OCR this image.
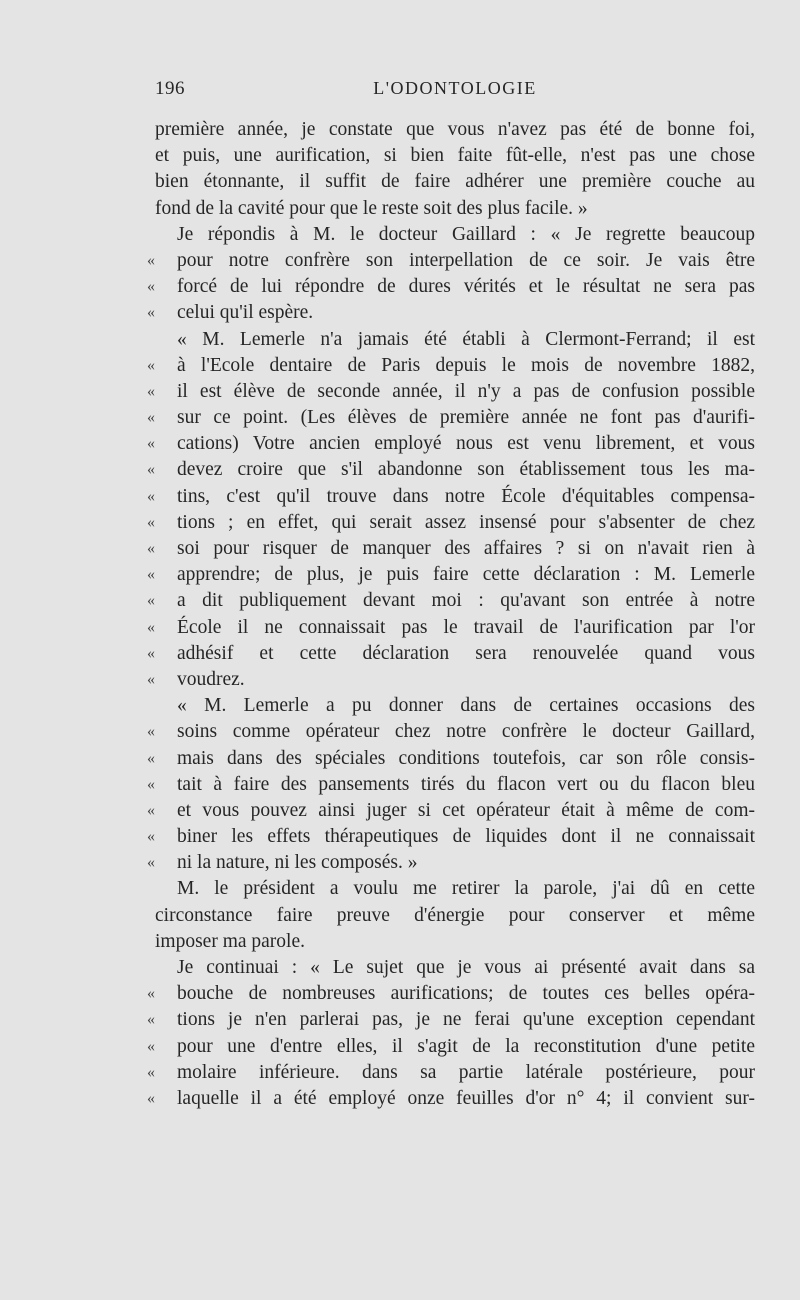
196	L'ODONTOLOGIE
première année, je constate que vous n'avez pas été de bonne foi,
et puis, une aurification, si bien faite fût-elle, n'est pas une chose
bien étonnante, il suffit de faire adhérer une première couche au
fond de la cavité pour que le reste soit des plus facile. »
Je répondis à M. le docteur Gaillard : « Je regrette beaucoup
« pour notre confrère son interpellation de ce soir. Je vais être
« forcé de lui répondre de dures vérités et le résultat ne sera pas
« celui qu'il espère.
« M. Lemerle n'a jamais été établi à Clermont-Ferrand; il est
« à l'Ecole dentaire de Paris depuis le mois de novembre 1882,
« il est élève de seconde année, il n'y a pas de confusion possible
« sur ce point. (Les élèves de première année ne font pas d'aurifi-
« cations) Votre ancien employé nous est venu librement, et vous
« devez croire que s'il abandonne son établissement tous les ma-
« tins, c'est qu'il trouve dans notre École d'équitables compensa-
« tions ; en effet, qui serait assez insensé pour s'absenter de chez
« soi pour risquer de manquer des affaires ? si on n'avait rien à
« apprendre; de plus, je puis faire cette déclaration : M. Lemerle
« a dit publiquement devant moi : qu'avant son entrée à notre
« École il ne connaissait pas le travail de l'aurification par l'or
« adhésif et cette déclaration sera renouvelée quand vous
« voudrez.
« M. Lemerle a pu donner dans de certaines occasions des
« soins comme opérateur chez notre confrère le docteur Gaillard,
« mais dans des spéciales conditions toutefois, car son rôle consis-
« tait à faire des pansements tirés du flacon vert ou du flacon bleu
« et vous pouvez ainsi juger si cet opérateur était à même de com-
« biner les effets thérapeutiques de liquides dont il ne connaissait
« ni la nature, ni les composés. »
M. le président a voulu me retirer la parole, j'ai dû en cette
circonstance faire preuve d'énergie pour conserver et même
imposer ma parole.
Je continuai : « Le sujet que je vous ai présenté avait dans sa
« bouche de nombreuses aurifications; de toutes ces belles opéra-
« tions je n'en parlerai pas, je ne ferai qu'une exception cependant
« pour une d'entre elles, il s'agit de la reconstitution d'une petite
« molaire inférieure. dans sa partie latérale postérieure, pour
« laquelle il a été employé onze feuilles d'or n° 4; il convient sur-
